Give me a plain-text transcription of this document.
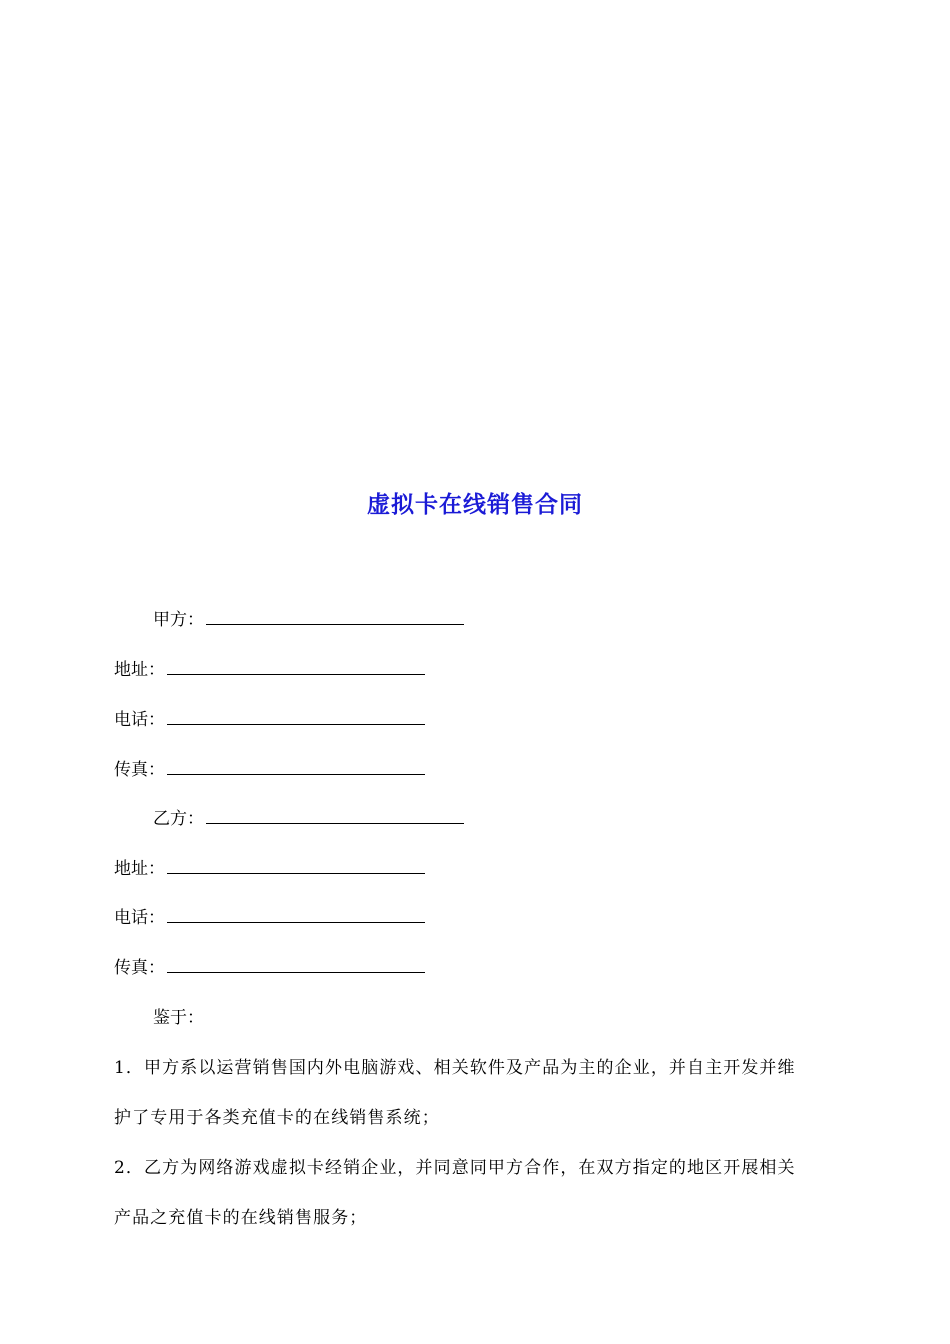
虚拟卡在线销售合同
甲方：
地址：
电话：
传真：
乙方：
地址：
电话：
传真：
鉴于：
1．甲方系以运营销售国内外电脑游戏、相关软件及产品为主的企业，并自主开发并维
护了专用于各类充值卡的在线销售系统；
2．乙方为网络游戏虚拟卡经销企业，并同意同甲方合作，在双方指定的地区开展相关
产品之充值卡的在线销售服务；
